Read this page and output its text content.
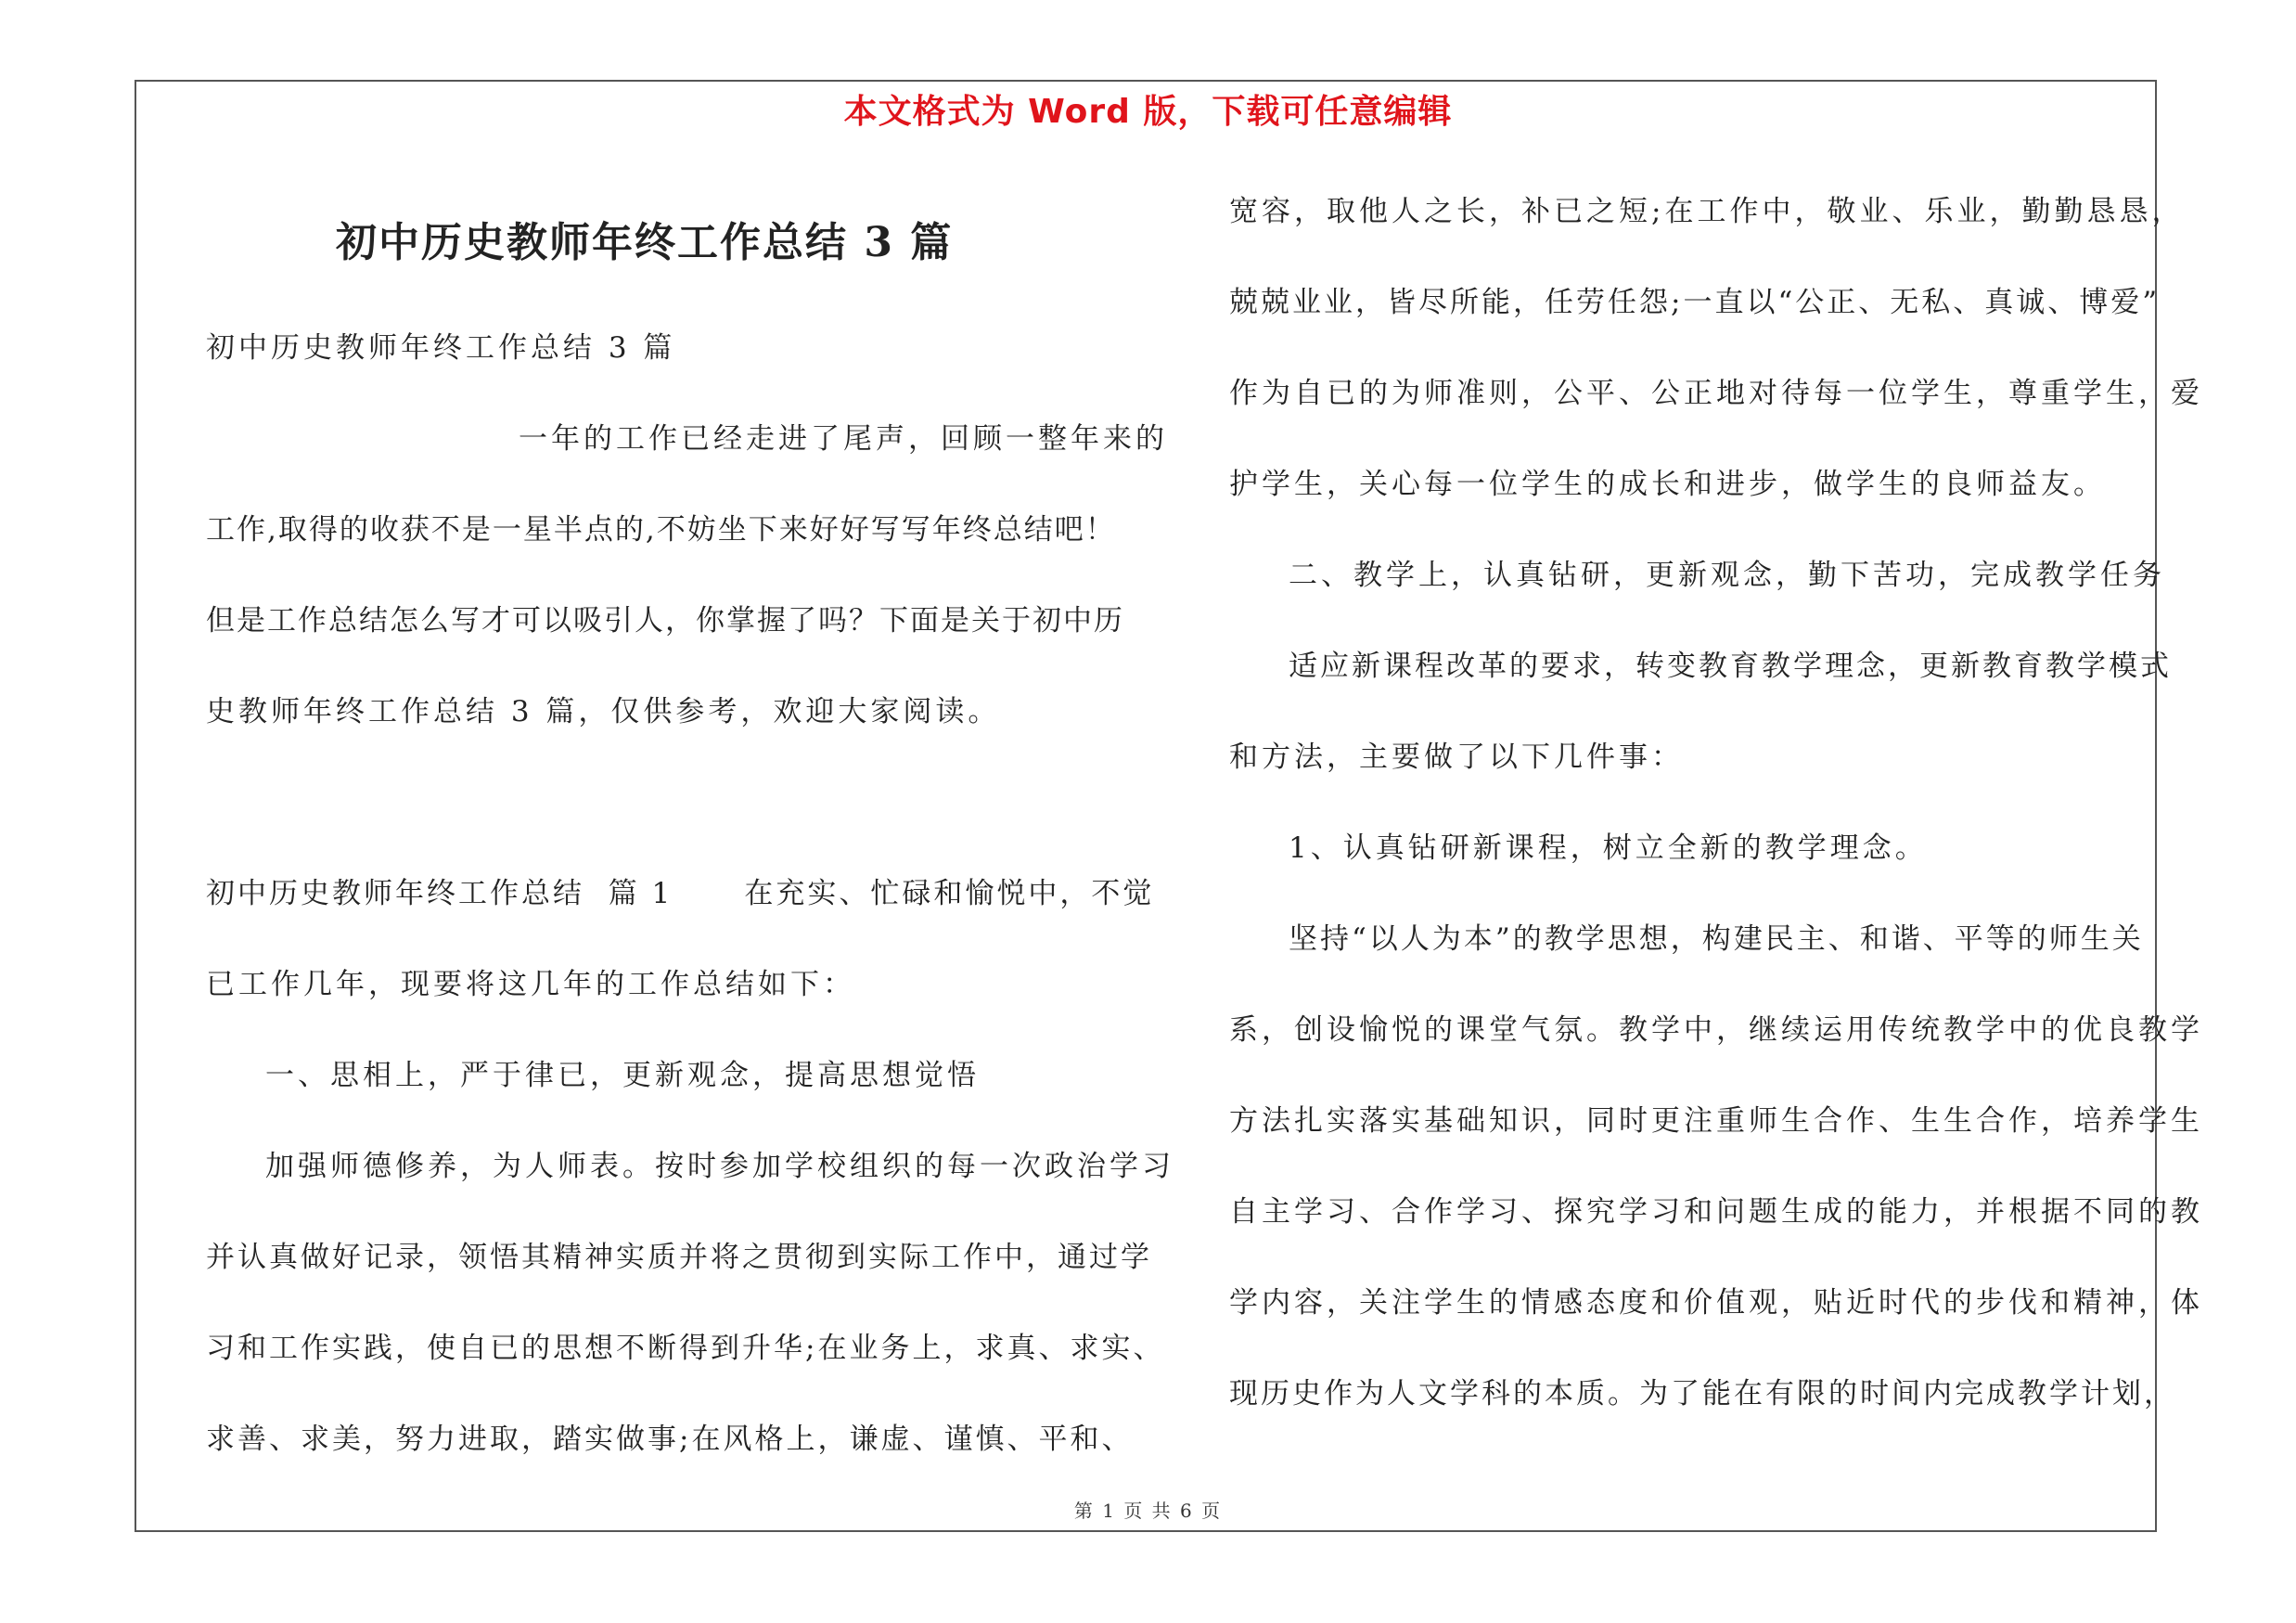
本文格式为 Word 版，下载可任意编辑
初中历史教师年终工作总结 3 篇
初中历史教师年终工作总结 3 篇
一年的工作已经走进了尾声，回顾一整年来的
工作,取得的收获不是一星半点的,不妨坐下来好好写写年终总结吧！
但是工作总结怎么写才可以吸引人，你掌握了吗？下面是关于初中历
史教师年终工作总结 3 篇，仅供参考，欢迎大家阅读。
初中历史教师年终工作总结  篇 1      在充实、忙碌和愉悦中，不觉
已工作几年，现要将这几年的工作总结如下：
一、思相上，严于律已，更新观念，提高思想觉悟
加强师德修养，为人师表。按时参加学校组织的每一次政治学习
并认真做好记录，领悟其精神实质并将之贯彻到实际工作中，通过学
习和工作实践，使自已的思想不断得到升华;在业务上，求真、求实、
求善、求美，努力进取，踏实做事;在风格上，谦虚、谨慎、平和、
宽容，取他人之长，补已之短;在工作中，敬业、乐业，勤勤恳恳，
兢兢业业，皆尽所能，任劳任怨;一直以“公正、无私、真诚、博爱”
作为自已的为师准则，公平、公正地对待每一位学生，尊重学生，爱
护学生，关心每一位学生的成长和进步，做学生的良师益友。
二、教学上，认真钻研，更新观念，勤下苦功，完成教学任务
适应新课程改革的要求，转变教育教学理念，更新教育教学模式
和方法，主要做了以下几件事：
1、认真钻研新课程，树立全新的教学理念。
坚持“以人为本”的教学思想，构建民主、和谐、平等的师生关
系，创设愉悦的课堂气氛。教学中，继续运用传统教学中的优良教学
方法扎实落实基础知识，同时更注重师生合作、生生合作，培养学生
自主学习、合作学习、探究学习和问题生成的能力，并根据不同的教
学内容，关注学生的情感态度和价值观，贴近时代的步伐和精神，体
现历史作为人文学科的本质。为了能在有限的时间内完成教学计划，
第 1 页 共 6 页
